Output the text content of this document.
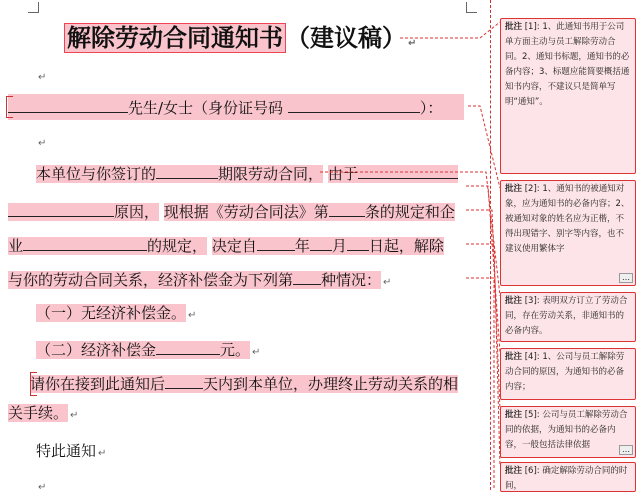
解除劳动合同通知书 （建议稿） ↵
↵
先生/女士（身份证号码	）：
↵
本单位与你签订的	期限劳动合同， 由于
原因， 现根据《劳动合同法》第 条的规定和企
业	的规定， 决定自	年 月 日起，解除
与你的劳动合同关系，经济补偿金为下列第 种情况： ↵
（一）无经济补偿金。 ↵
（二）经济补偿金	元。 ↵
请你在接到此通知后	天内到本单位，办理终止劳动关系的相
关手续。 ↵
特此通知 ↵
↵
批注 [1]: 1、此通知书用于公司单方面主动与员工解除劳动合同。2、通知书标题，通知书的必备内容；3、标题应能简要概括通知书内容，不建议只是简单写明“通知”。
批注 [2]: 1、通知书的被通知对象，应为通知书的必备内容；2、被通知对象的姓名应为正楷，不得出现错字、别字等内容，也不建议使用繁体字
…
批注 [3]: 表明双方订立了劳动合同，存在劳动关系，非通知书的必备内容。
批注 [4]: 1、公司与员工解除劳动合同的原因，为通知书的必备内容；
批注 [5]: 公司与员工解除劳动合同的依据，为通知书的必备内容，一般包括法律依据	…
批注 [6]: 确定解除劳动合同的时间，
